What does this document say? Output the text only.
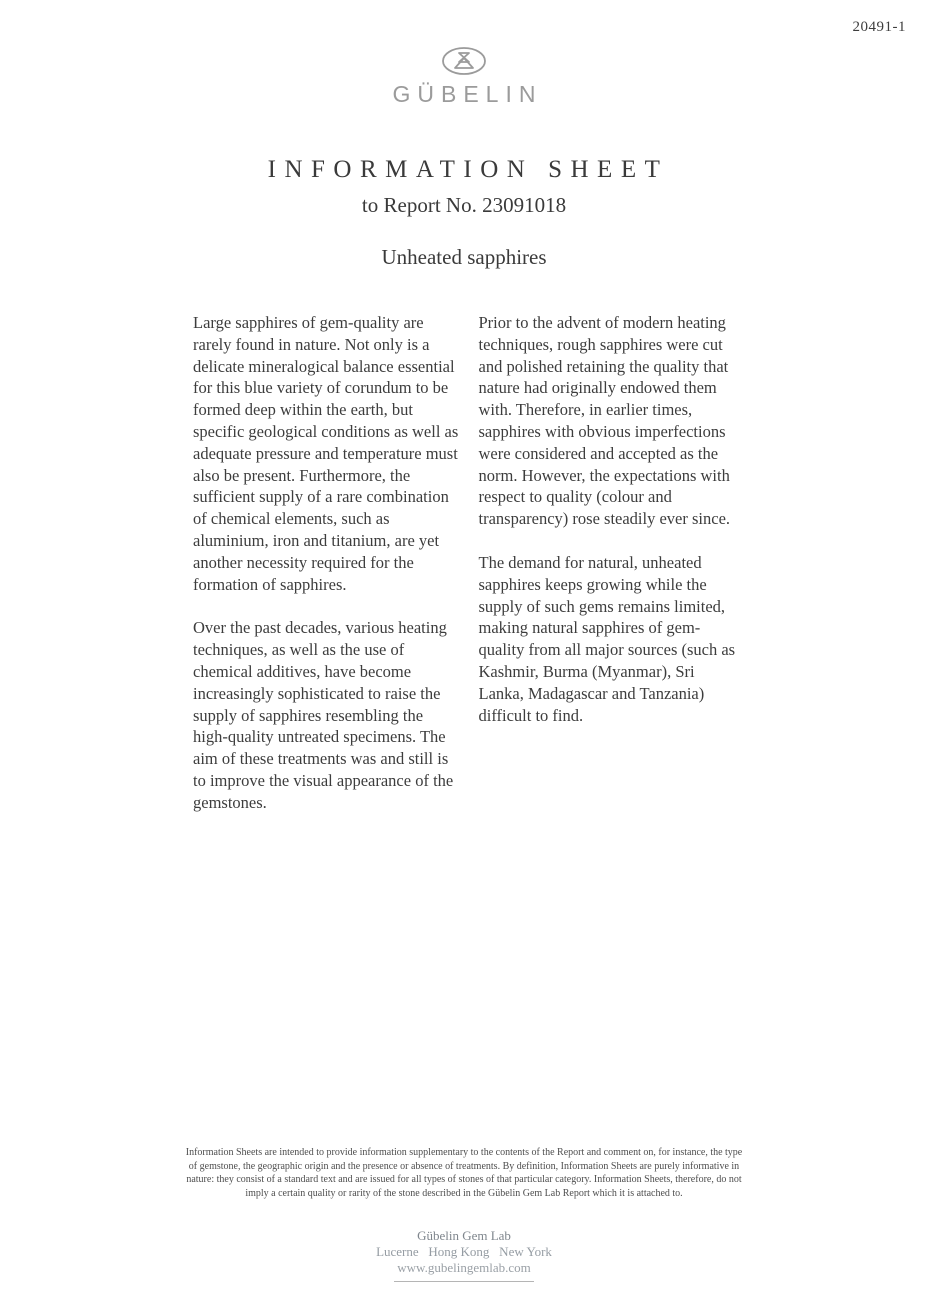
20491-1
GÜBELIN
INFORMATION SHEET
to Report No. 23091018
Unheated sapphires

Large sapphires of gem-quality are rarely found in nature. Not only is a delicate mineralogical balance essential for this blue variety of corundum to be formed deep within the earth, but specific geological conditions as well as adequate pressure and temperature must also be present. Furthermore, the sufficient supply of a rare combination of chemical elements, such as aluminium, iron and titanium, are yet another necessity required for the formation of sapphires.

Over the past decades, various heating techniques, as well as the use of chemical additives, have become increasingly sophisticated to raise the supply of sapphires resembling the high-quality untreated specimens. The aim of these treatments was and still is to improve the visual appearance of the gemstones.

Prior to the advent of modern heating techniques, rough sapphires were cut and polished retaining the quality that nature had originally endowed them with. Therefore, in earlier times, sapphires with obvious imperfections were considered and accepted as the norm. However, the expectations with respect to quality (colour and transparency) rose steadily ever since.

The demand for natural, unheated sapphires keeps growing while the supply of such gems remains limited, making natural sapphires of gem-quality from all major sources (such as Kashmir, Burma (Myanmar), Sri Lanka, Madagascar and Tanzania) difficult to find.

Information Sheets are intended to provide information supplementary to the contents of the Report and comment on, for instance, the type of gemstone, the geographic origin and the presence or absence of treatments. By definition, Information Sheets are purely informative in nature: they consist of a standard text and are issued for all types of stones of that particular category. Information Sheets, therefore, do not imply a certain quality or rarity of the stone described in the Gübelin Gem Lab Report which it is attached to.
Gübelin Gem Lab
Lucerne   Hong Kong   New York
www.gubelingemlab.com
